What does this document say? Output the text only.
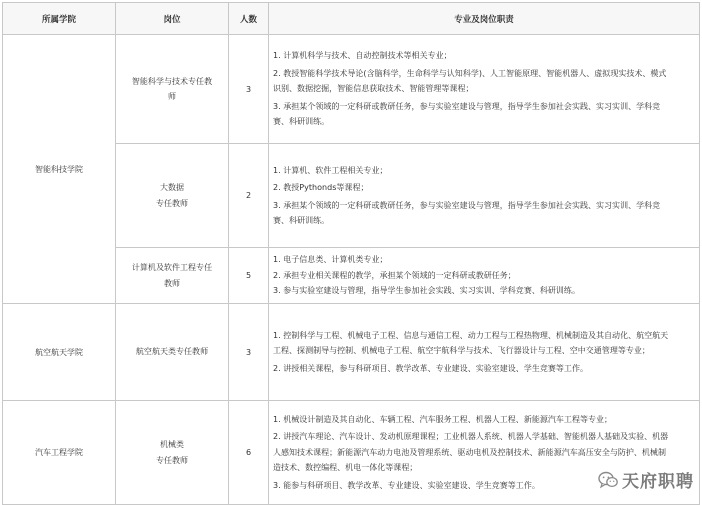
所属学院	岗位	人数	专业及岗位职责
智能科技学院	智能科学与技术专任教
师	3	1. 计算机科学与技术、自动控制技术等相关专业；
2. 教授智能科学技术导论(含脑科学，生命科学与认知科学)、人工智能原理、智能机器人、虚拟现实技术、模式
识别、数据挖掘，智能信息获取技术、智能管理等课程；
3. 承担某个领域的一定科研或教研任务，参与实验室建设与管理，指导学生参加社会实践、实习实训、学科竞
赛、科研训练。

	大数据
专任教师	2	1. 计算机、软件工程相关专业；
2. 教授Pythonds等课程；
3. 承担某个领域的一定科研或教研任务，参与实验室建设与管理，指导学生参加社会实践、实习实训、学科竞
赛、科研训练。

	计算机及软件工程专任
教师	5	1. 电子信息类、计算机类专业；
2. 承担专业相关课程的教学，承担某个领域的一定科研或教研任务；
3. 参与实验室建设与管理，指导学生参加社会实践、实习实训、学科竞赛、科研训练。

航空航天学院	航空航天类专任教师	3	1. 控制科学与工程、机械电子工程、信息与通信工程、动力工程与工程热物理、机械制造及其自动化、航空航天
工程、探测制导与控制、机械电子工程、航空宇航科学与技术、飞行器设计与工程、空中交通管理等专业；
2. 讲授相关课程，参与科研项目、教学改革、专业建设、实验室建设、学生竞赛等工作。

汽车工程学院	机械类
专任教师	6	1. 机械设计制造及其自动化、车辆工程、汽车服务工程、机器人工程、新能源汽车工程等专业；
2. 讲授汽车理论、汽车设计、发动机原理课程；工业机器人系统、机器人学基础、智能机器人基础及实验、机器
人感知技术课程；新能源汽车动力电池及管理系统、驱动电机及控制技术、新能源汽车高压安全与防护、机械制
造技术、数控编程、机电一体化等课程；
3. 能参与科研项目、教学改革、专业建设、实验室建设、学生竞赛等工作。	天府职聘
